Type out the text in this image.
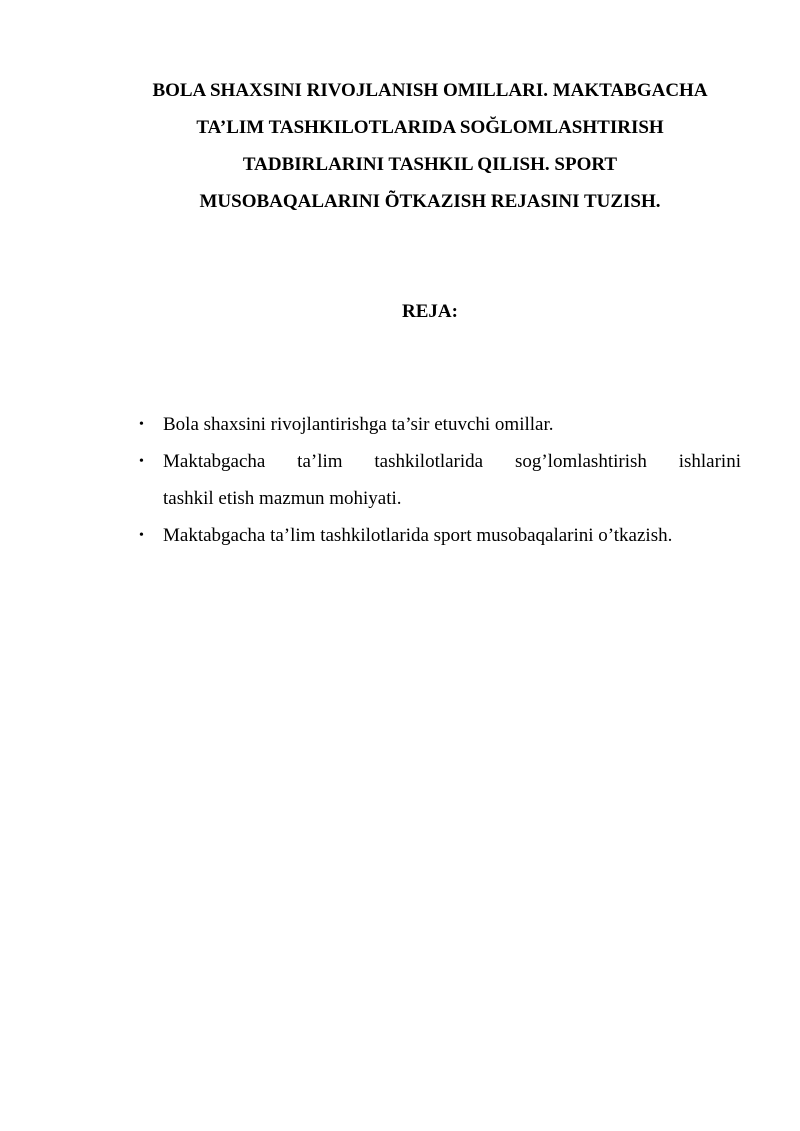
BOLA SHAXSINI RIVOJLANISH OMILLARI. MAKTABGACHA
TA’LIM TASHKILOTLARIDA SOĞLOMLASHTIRISH
TADBIRLARINI TASHKIL QILISH. SPORT
MUSOBAQALARINI ÕTKAZISH REJASINI TUZISH.
REJA:
• Bola shaxsini rivojlantirishga ta’sir etuvchi omillar.
• Maktabgacha ta’lim tashkilotlarida sog’lomlashtirish ishlarini
tashkil etish mazmun mohiyati.
• Maktabgacha ta’lim tashkilotlarida sport musobaqalarini o’tkazish.
